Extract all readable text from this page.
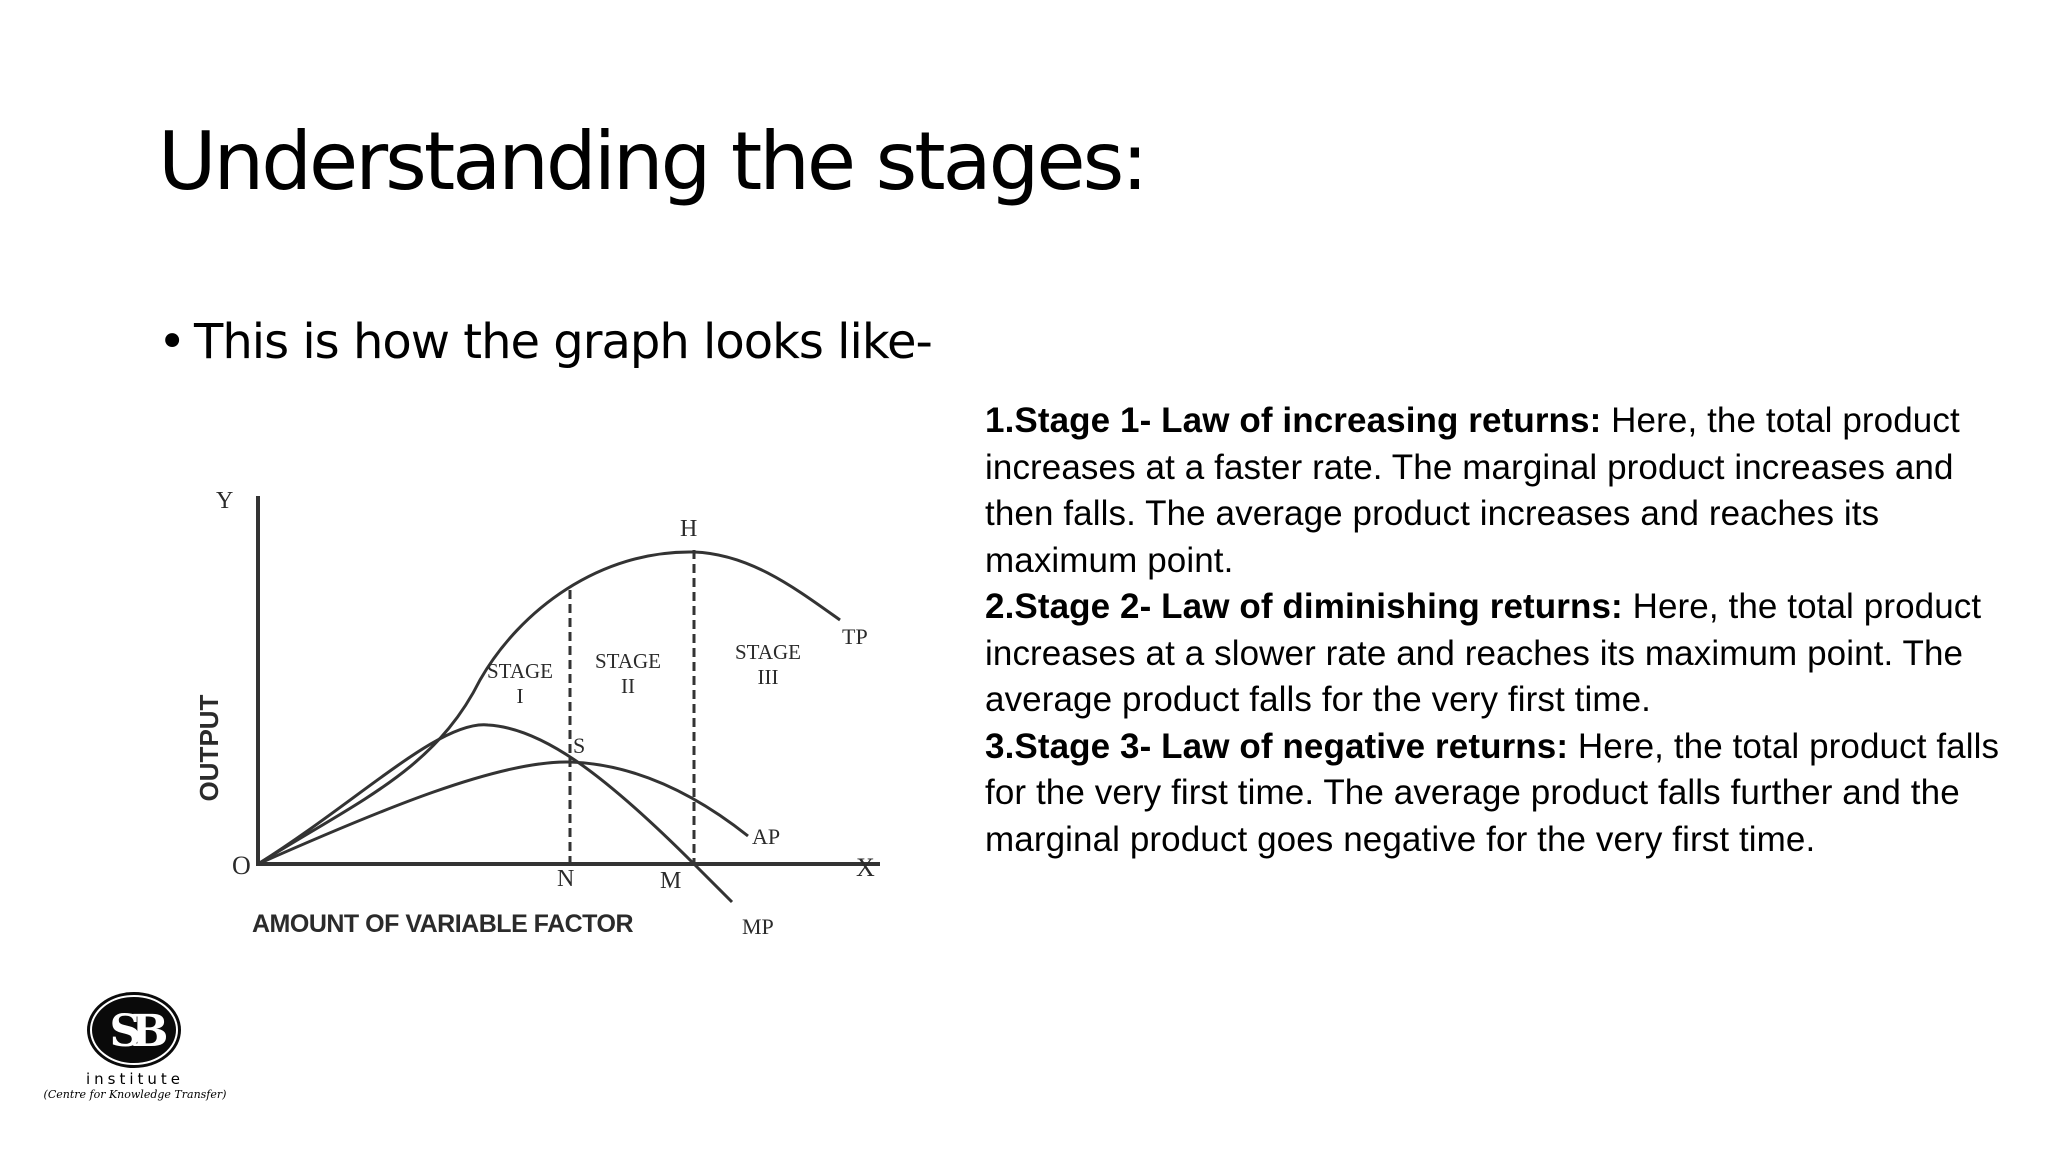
Understanding the stages:
• This is how the graph looks like-
Y
X
O
OUTPUT
AMOUNT OF VARIABLE FACTOR
TP
AP
MP
H
S
N	M
STAGE
I
STAGE
II
STAGE
III

1.Stage 1- Law of increasing returns: Here, the total product increases at a faster rate. The marginal product increases and then falls. The average product increases and reaches its maximum point.

2.Stage 2- Law of diminishing returns: Here, the total product increases at a slower rate and reaches its maximum point. The average product falls for the very first time.

3.Stage 3- Law of negative returns: Here, the total product falls for the very first time. The average product falls further and the marginal product goes negative for the very first time.

SB
institute
(Centre for Knowledge Transfer)
